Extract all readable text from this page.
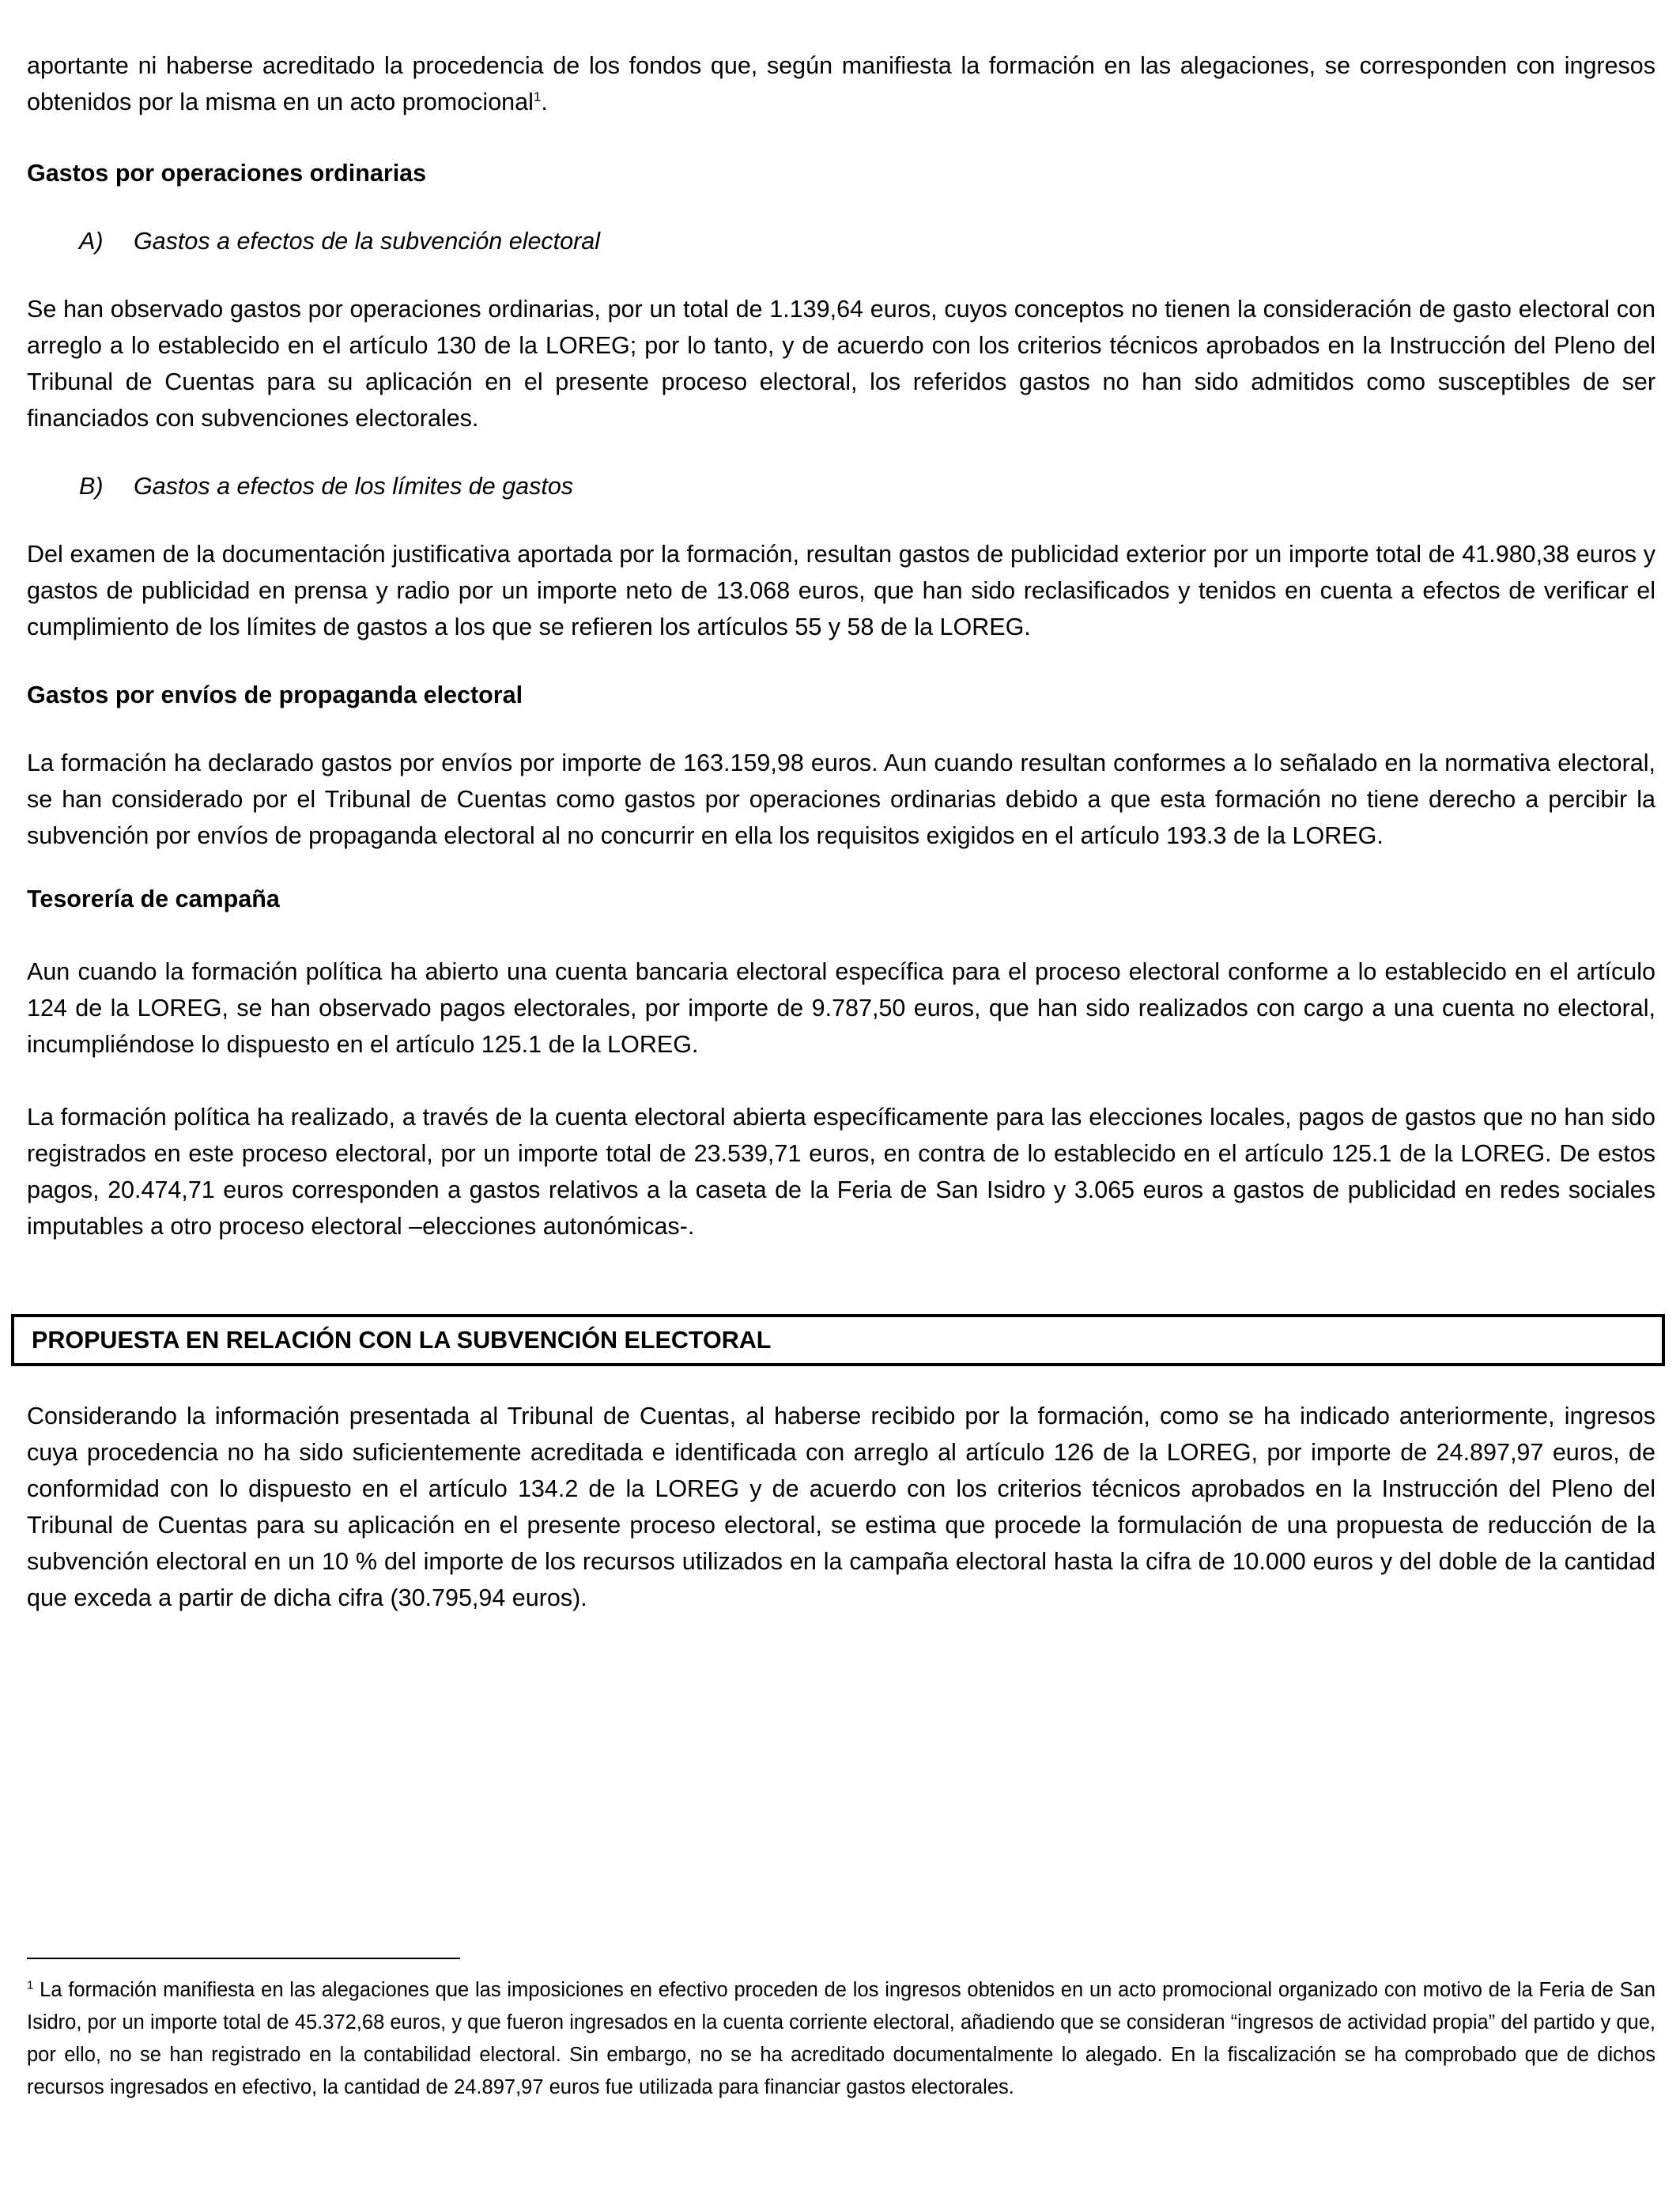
aportante ni haberse acreditado la procedencia de los fondos que, según manifiesta la formación en las alegaciones, se corresponden con ingresos obtenidos por la misma en un acto promocional$^1$.

Gastos por operaciones ordinarias
A)	Gastos a efectos de la subvención electoral

Se han observado gastos por operaciones ordinarias, por un total de 1.139,64 euros, cuyos conceptos no tienen la consideración de gasto electoral con arreglo a lo establecido en el artículo 130 de la LOREG; por lo tanto, y de acuerdo con los criterios técnicos aprobados en la Instrucción del Pleno del Tribunal de Cuentas para su aplicación en el presente proceso electoral, los referidos gastos no han sido admitidos como susceptibles de ser financiados con subvenciones electorales.

B)	Gastos a efectos de los límites de gastos

Del examen de la documentación justificativa aportada por la formación, resultan gastos de publicidad exterior por un importe total de 41.980,38 euros y gastos de publicidad en prensa y radio por un importe neto de 13.068 euros, que han sido reclasificados y tenidos en cuenta a efectos de verificar el cumplimiento de los límites de gastos a los que se refieren los artículos 55 y 58 de la LOREG.

Gastos por envíos de propaganda electoral

La formación ha declarado gastos por envíos por importe de 163.159,98 euros. Aun cuando resultan conformes a lo señalado en la normativa electoral, se han considerado por el Tribunal de Cuentas como gastos por operaciones ordinarias debido a que esta formación no tiene derecho a percibir la subvención por envíos de propaganda electoral al no concurrir en ella los requisitos exigidos en el artículo 193.3 de la LOREG.

Tesorería de campaña

Aun cuando la formación política ha abierto una cuenta bancaria electoral específica para el proceso electoral conforme a lo establecido en el artículo 124 de la LOREG, se han observado pagos electorales, por importe de 9.787,50 euros, que han sido realizados con cargo a una cuenta no electoral, incumpliéndose lo dispuesto en el artículo 125.1 de la LOREG.

La formación política ha realizado, a través de la cuenta electoral abierta específicamente para las elecciones locales, pagos de gastos que no han sido registrados en este proceso electoral, por un importe total de 23.539,71 euros, en contra de lo establecido en el artículo 125.1 de la LOREG. De estos pagos, 20.474,71 euros corresponden a gastos relativos a la caseta de la Feria de San Isidro y 3.065 euros a gastos de publicidad en redes sociales imputables a otro proceso electoral –elecciones autonómicas-.

PROPUESTA EN RELACIÓN CON LA SUBVENCIÓN ELECTORAL

Considerando la información presentada al Tribunal de Cuentas, al haberse recibido por la formación, como se ha indicado anteriormente, ingresos cuya procedencia no ha sido suficientemente acreditada e identificada con arreglo al artículo 126 de la LOREG, por importe de 24.897,97 euros, de conformidad con lo dispuesto en el artículo 134.2 de la LOREG y de acuerdo con los criterios técnicos aprobados en la Instrucción del Pleno del Tribunal de Cuentas para su aplicación en el presente proceso electoral, se estima que procede la formulación de una propuesta de reducción de la subvención electoral en un 10 % del importe de los recursos utilizados en la campaña electoral hasta la cifra de 10.000 euros y del doble de la cantidad que exceda a partir de dicha cifra (30.795,94 euros).

$^1$ La formación manifiesta en las alegaciones que las imposiciones en efectivo proceden de los ingresos obtenidos en un acto promocional organizado con motivo de la Feria de San Isidro, por un importe total de 45.372,68 euros, y que fueron ingresados en la cuenta corriente electoral, añadiendo que se consideran “ingresos de actividad propia” del partido y que, por ello, no se han registrado en la contabilidad electoral. Sin embargo, no se ha acreditado documentalmente lo alegado. En la fiscalización se ha comprobado que de dichos recursos ingresados en efectivo, la cantidad de 24.897,97 euros fue utilizada para financiar gastos electorales.
